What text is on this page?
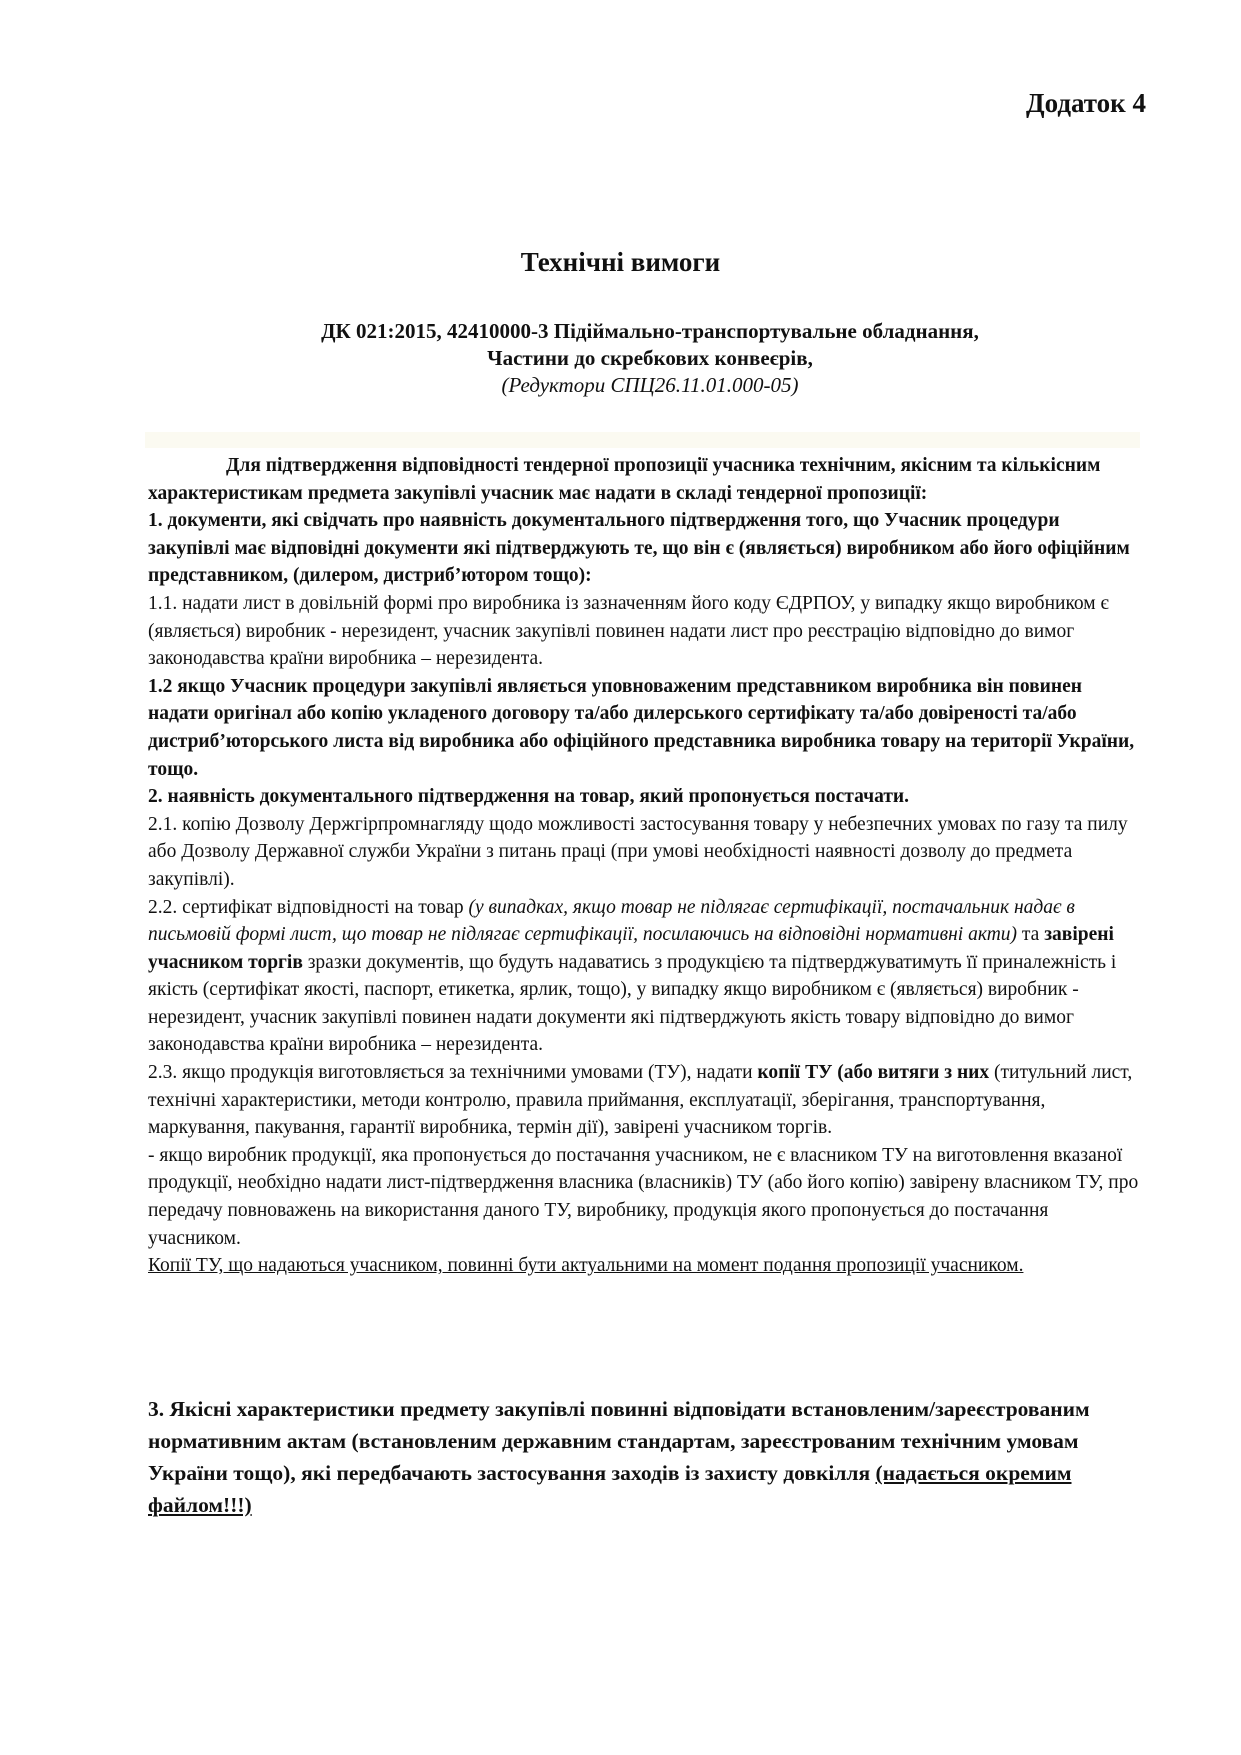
Додаток 4
Технічні вимоги
ДК 021:2015, 42410000-3 Підіймально-транспортувальне обладнання,
Частини до скребкових конвеєрів,
(Редуктори СПЦ26.11.01.000-05)

Для підтвердження відповідності тендерної пропозиції учасника технічним, якісним та кількісним характеристикам предмета закупівлі учасник має надати в складі тендерної пропозиції:

1. документи, які свідчать про наявність документального підтвердження того, що Учасник процедури закупівлі має відповідні документи які підтверджують те, що він є (являється) виробником або його офіційним представником, (дилером, дистриб’ютором тощо):

1.1. надати лист в довільній формі про виробника із зазначенням його коду ЄДРПОУ, у випадку якщо виробником є (являється) виробник - нерезидент, учасник закупівлі повинен надати лист про реєстрацію відповідно до вимог законодавства країни виробника – нерезидента.

1.2 якщо Учасник процедури закупівлі являється уповноваженим представником виробника він повинен надати оригінал або копію укладеного договору та/або дилерського сертифікату та/або довіреності та/або дистриб’юторського листа від виробника або офіційного представника виробника товару на території України, тощо.

2. наявність документального підтвердження на товар, який пропонується постачати.

2.1. копію Дозволу Держгірпромнагляду щодо можливості застосування товару у небезпечних умовах по газу та пилу або Дозволу Державної служби України з питань праці (при умові необхідності наявності дозволу до предмета закупівлі).

2.2. сертифікат відповідності на товар (у випадках, якщо товар не підлягає сертифікації, постачальник надає в письмовій формі лист, що товар не підлягає сертифікації, посилаючись на відповідні нормативні акти) та завірені учасником торгів зразки документів, що будуть надаватись з продукцією та підтверджуватимуть її приналежність і якість (сертифікат якості, паспорт, етикетка, ярлик, тощо), у випадку якщо виробником є (являється) виробник - нерезидент, учасник закупівлі повинен надати документи які підтверджують якість товару відповідно до вимог законодавства країни виробника – нерезидента.

2.3. якщо продукція виготовляється за технічними умовами (ТУ), надати копії ТУ (або витяги з них (титульний лист, технічні характеристики, методи контролю, правила приймання, експлуатації, зберігання, транспортування, маркування, пакування, гарантії виробника, термін дії), завірені учасником торгів.

- якщо виробник продукції, яка пропонується до постачання учасником, не є власником ТУ на виготовлення вказаної продукції, необхідно надати лист-підтвердження власника (власників) ТУ (або його копію) завірену власником ТУ, про передачу повноважень на використання даного ТУ, виробнику, продукція якого пропонується до постачання учасником.

Копії ТУ, що надаються учасником, повинні бути актуальними на момент подання пропозиції учасником.

3. Якісні характеристики предмету закупівлі повинні відповідати встановленим/зареєстрованим нормативним актам (встановленим державним стандартам, зареєстрованим технічним умовам України тощо), які передбачають застосування заходів із захисту довкілля (надається окремим файлом!!!)
